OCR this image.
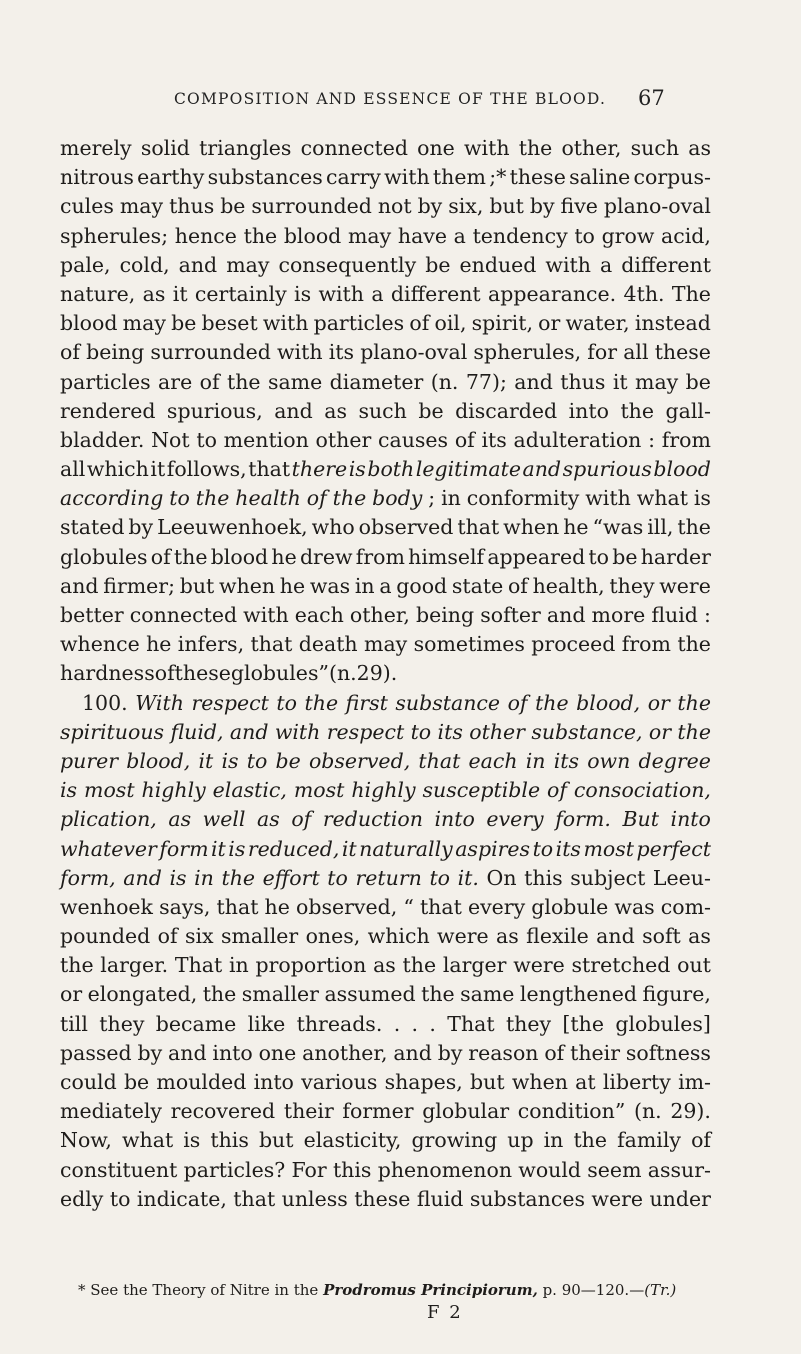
COMPOSITION AND ESSENCE OF THE BLOOD.	67
merely solid triangles connected one with the other, such as
nitrous earthy substances carry with them ;* these saline corpus-
cules may thus be surrounded not by six, but by five plano-oval
spherules; hence the blood may have a tendency to grow acid,
pale, cold, and may consequently be endued with a different
nature, as it certainly is with a different appearance. 4th. The
blood may be beset with particles of oil, spirit, or water, instead
of being surrounded with its plano-oval spherules, for all these
particles are of the same diameter (n. 77); and thus it may be
rendered spurious, and as such be discarded into the gall-
bladder. Not to mention other causes of its adulteration : from
all which it follows, that there is both legitimate and spurious blood
according to the health of the body ; in conformity with what is
stated by Leeuwenhoek, who observed that when he “was ill, the
globules of the blood he drew from himself appeared to be harder
and firmer; but when he was in a good state of health, they were
better connected with each other, being softer and more fluid :
whence he infers, that death may sometimes proceed from the
hardness of these globules” (n. 29).
100. With respect to the first substance of the blood, or the
spirituous fluid, and with respect to its other substance, or the
purer blood, it is to be observed, that each in its own degree
is most highly elastic, most highly susceptible of consociation,
plication, as well as of reduction into every form. But into
whatever form it is reduced, it naturally aspires to its most perfect
form, and is in the effort to return to it. On this subject Leeu-
wenhoek says, that he observed, “ that every globule was com-
pounded of six smaller ones, which were as flexile and soft as
the larger. That in proportion as the larger were stretched out
or elongated, the smaller assumed the same lengthened figure,
till they became like threads. . . . That they [the globules]
passed by and into one another, and by reason of their softness
could be moulded into various shapes, but when at liberty im-
mediately recovered their former globular condition” (n. 29).
Now, what is this but elasticity, growing up in the family of
constituent particles? For this phenomenon would seem assur-
edly to indicate, that unless these fluid substances were under
* See the Theory of Nitre in the Prodromus Principiorum, p. 90—120.—(Tr.)
F 2
